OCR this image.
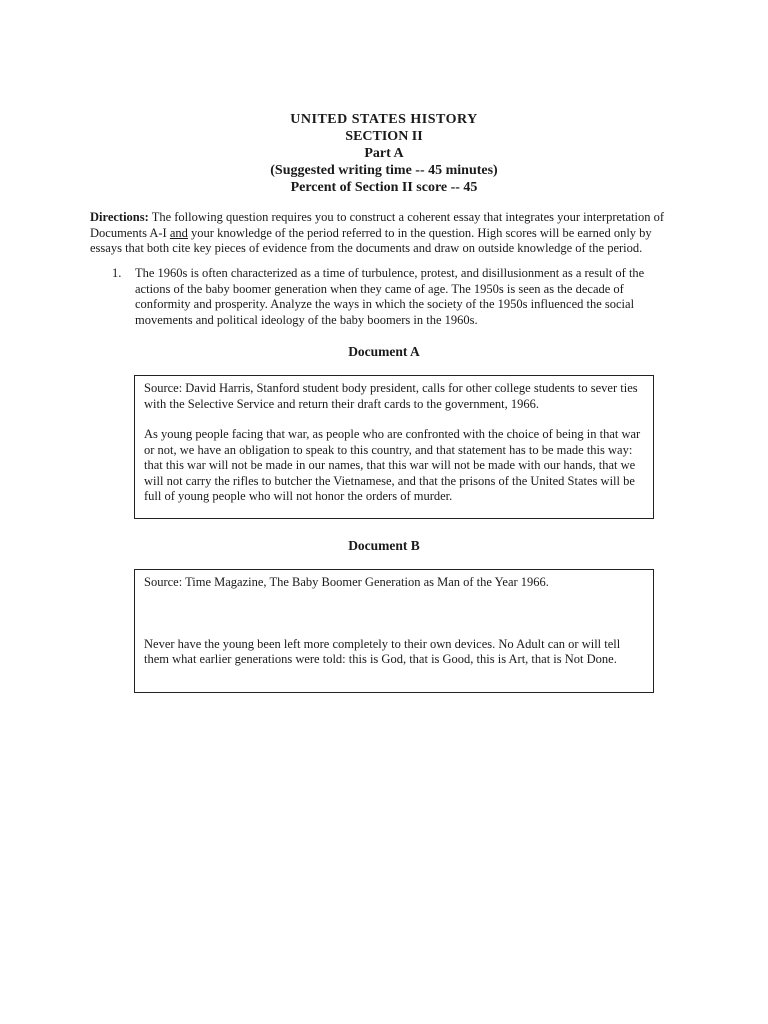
UNITED STATES HISTORY
SECTION II
Part A
(Suggested writing time -- 45 minutes)
Percent of Section II score -- 45
Directions: The following question requires you to construct a coherent essay that integrates your interpretation of Documents A-I and your knowledge of the period referred to in the question. High scores will be earned only by essays that both cite key pieces of evidence from the documents and draw on outside knowledge of the period.
1. The 1960s is often characterized as a time of turbulence, protest, and disillusionment as a result of the actions of the baby boomer generation when they came of age. The 1950s is seen as the decade of conformity and prosperity. Analyze the ways in which the society of the 1950s influenced the social movements and political ideology of the baby boomers in the 1960s.
Document A

Source: David Harris, Stanford student body president, calls for other college students to sever ties with the Selective Service and return their draft cards to the government, 1966.

As young people facing that war, as people who are confronted with the choice of being in that war or not, we have an obligation to speak to this country, and that statement has to be made this way: that this war will not be made in our names, that this war will not be made with our hands, that we will not carry the rifles to butcher the Vietnamese, and that the prisons of the United States will be full of young people who will not honor the orders of murder.

Document B

Source: Time Magazine, The Baby Boomer Generation as Man of the Year 1966.

Never have the young been left more completely to their own devices. No Adult can or will tell them what earlier generations were told: this is God, that is Good, this is Art, that is Not Done.
